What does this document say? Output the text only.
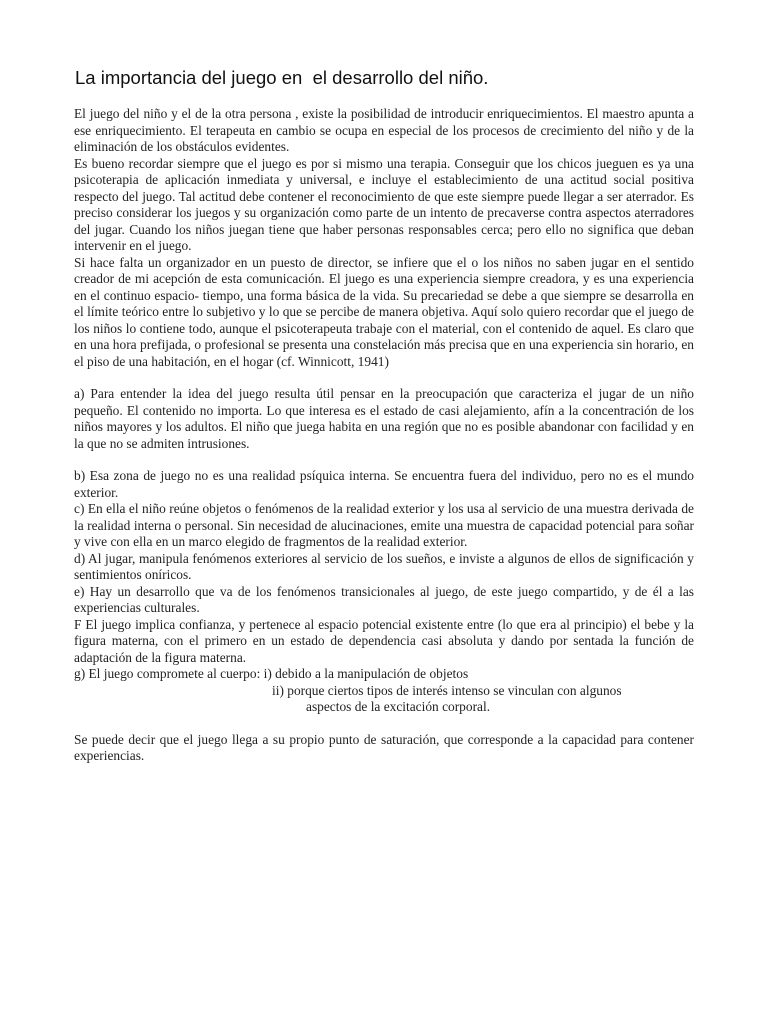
La importancia del juego en  el desarrollo del niño.

El juego del niño y el de la otra persona , existe la posibilidad de introducir enriquecimientos. El maestro apunta a ese enriquecimiento. El terapeuta en cambio se ocupa en especial de los procesos de crecimiento del niño y de la eliminación de los obstáculos evidentes.
Es bueno recordar siempre que el juego es por si mismo una terapia. Conseguir que los chicos jueguen es ya una psicoterapia de aplicación inmediata y universal, e incluye el establecimiento de una actitud social positiva respecto del juego. Tal actitud debe contener el reconocimiento de que este siempre puede llegar a ser aterrador. Es preciso considerar los juegos y su organización como parte de un intento de precaverse contra aspectos aterradores del jugar. Cuando los niños juegan tiene que haber personas responsables cerca; pero ello no significa que deban intervenir en el juego.
Si hace falta un organizador en un puesto de director, se infiere que el o los niños no saben jugar en el sentido creador de mi acepción de esta comunicación. El juego es una experiencia siempre creadora, y es una experiencia en el continuo espacio- tiempo, una forma básica de la vida. Su precariedad se debe a que siempre se desarrolla en el límite teórico entre lo subjetivo y lo que se percibe de manera objetiva. Aquí solo quiero recordar que el juego de los niños lo contiene todo, aunque el psicoterapeuta trabaje con el material, con el contenido de aquel. Es claro que en una hora prefijada, o profesional se presenta una constelación más precisa que en una experiencia sin horario, en el piso de una habitación, en el hogar (cf. Winnicott, 1941)

a) Para entender la idea del juego resulta útil pensar en la preocupación que caracteriza el jugar de un niño pequeño. El contenido no importa. Lo que interesa es el estado de casi alejamiento, afín a la concentración de los niños mayores y los adultos. El niño que juega habita en una región que no es posible abandonar con facilidad y en la que no se admiten intrusiones.

b) Esa zona de juego no es una realidad psíquica interna. Se encuentra fuera del individuo, pero no es el mundo exterior.

c) En ella el niño reúne objetos o fenómenos de la realidad exterior y los usa al servicio de una muestra derivada de la realidad interna o personal. Sin necesidad de alucinaciones, emite una muestra de capacidad potencial para soñar y vive con ella en un marco elegido de fragmentos de la realidad exterior.

d) Al jugar, manipula fenómenos exteriores al servicio de los sueños, e inviste a algunos de ellos de significación y sentimientos oníricos.

e) Hay un desarrollo que va de los fenómenos transicionales al juego, de este juego compartido, y de él a las experiencias culturales.

F El juego implica confianza, y pertenece al espacio potencial existente entre (lo que era al principio) el bebe y la figura materna, con el primero en un estado de dependencia casi absoluta y dando por sentada la función de adaptación de la figura materna.

g) El juego compromete al cuerpo: i) debido a la manipulación de objetos

ii) porque ciertos tipos de interés intenso se vinculan con algunos

aspectos de la excitación corporal.

Se puede decir que el juego llega a su propio punto de saturación, que corresponde a la capacidad para contener experiencias.
